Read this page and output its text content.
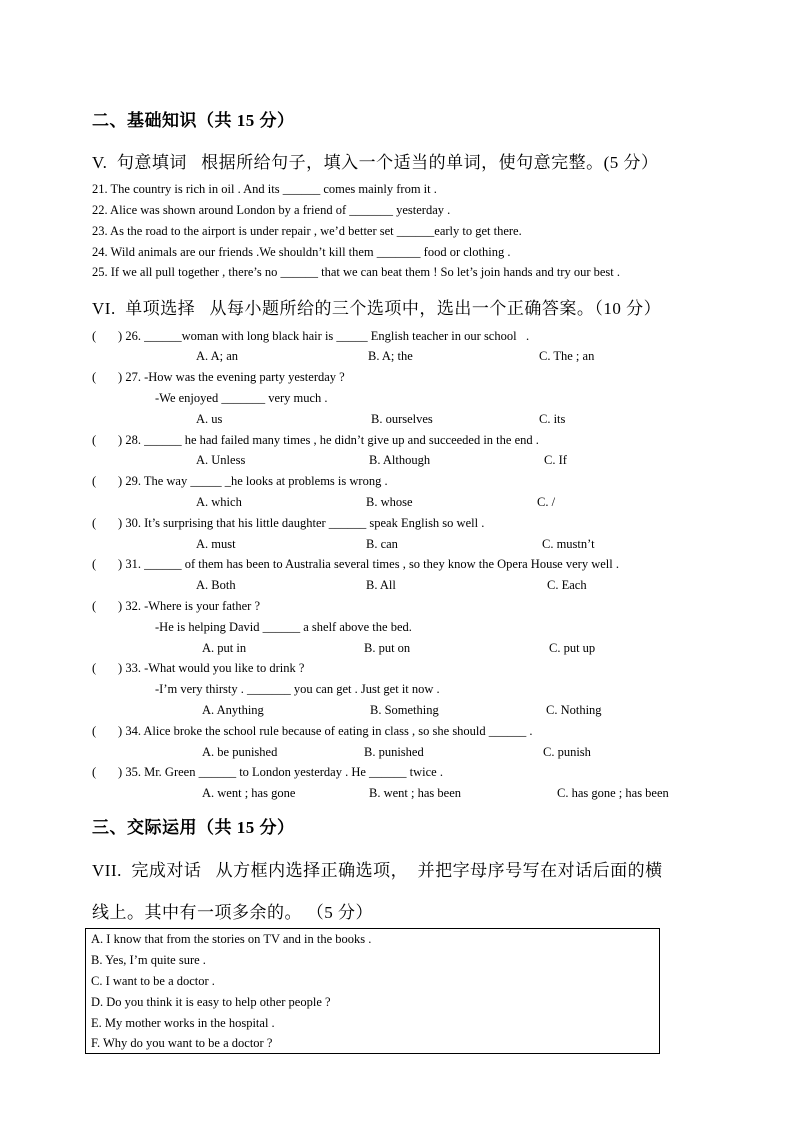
二、基础知识（共 15 分）
V.  句意填词   根据所给句子，填入一个适当的单词，使句意完整。(5 分）
21. The country is rich in oil . And its ______ comes mainly from it .
22. Alice was shown around London by a friend of _______ yesterday .
23. As the road to the airport is under repair , we’d better set ______early to get there.
24. Wild animals are our friends .We shouldn’t kill them _______ food or clothing .
25. If we all pull together , there’s no ______ that we can beat them ! So let’s join hands and try our best .
VI.  单项选择   从每小题所给的三个选项中，选出一个正确答案。（10 分）
(       ) 26. ______woman with long black hair is _____ English teacher in our school   .
A. A; an	B. A; the	C. The ; an
(       ) 27. -How was the evening party yesterday ?
-We enjoyed _______ very much .
A. us	B. ourselves	C. its
(       ) 28. ______ he had failed many times , he didn’t give up and succeeded in the end .
A. Unless	B. Although	C. If
(       ) 29. The way _____ _he looks at problems is wrong .
A. which	B. whose	C. /
(       ) 30. It’s surprising that his little daughter ______ speak English so well .
A. must	B. can	C. mustn’t
(       ) 31. ______ of them has been to Australia several times , so they know the Opera House very well .
A. Both	B. All	C. Each
(       ) 32. -Where is your father ?
-He is helping David ______ a shelf above the bed.
A. put in	B. put on	C. put up
(       ) 33. -What would you like to drink ?
-I’m very thirsty . _______ you can get . Just get it now .
A. Anything	B. Something	C. Nothing
(       ) 34. Alice broke the school rule because of eating in class , so she should ______ .
A. be punished	B. punished	C. punish
(       ) 35. Mr. Green ______ to London yesterday . He ______ twice .
A. went ; has gone	B. went ; has been	C. has gone ; has been
三、交际运用（共 15 分）
VII.  完成对话   从方框内选择正确选项，  并把字母序号写在对话后面的横
线上。其中有一项多余的。 （5 分）
A. I know that from the stories on TV and in the books .
B. Yes, I’m quite sure .
C. I want to be a doctor .
D. Do you think it is easy to help other people ?
E. My mother works in the hospital .
F. Why do you want to be a doctor ?
